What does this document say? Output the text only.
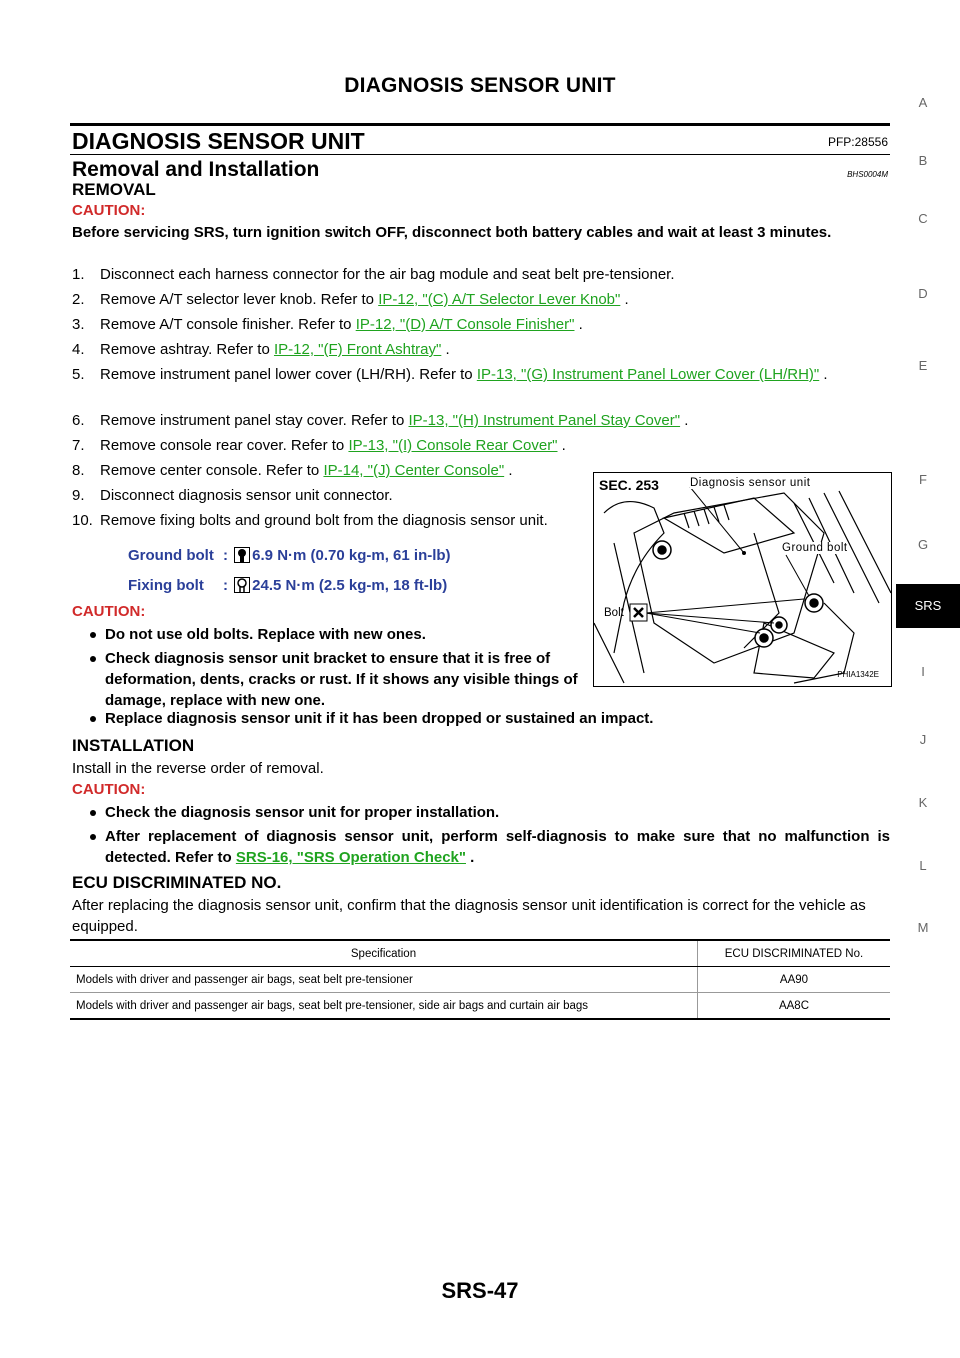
DIAGNOSIS SENSOR UNIT
DIAGNOSIS SENSOR UNIT	PFP:28556
Removal and Installation	BHS0004M
REMOVAL
CAUTION:
Before servicing SRS, turn ignition switch OFF, disconnect both battery cables and wait at least 3 minutes.
1. Disconnect each harness connector for the air bag module and seat belt pre-tensioner.
2. Remove A/T selector lever knob. Refer to IP-12, "(C) A/T Selector Lever Knob" .
3. Remove A/T console finisher. Refer to IP-12, "(D) A/T Console Finisher" .
4. Remove ashtray. Refer to IP-12, "(F) Front Ashtray" .
5. Remove instrument panel lower cover (LH/RH). Refer to IP-13, "(G) Instrument Panel Lower Cover (LH/RH)" .
6. Remove instrument panel stay cover. Refer to IP-13, "(H) Instrument Panel Stay Cover" .
7. Remove console rear cover. Refer to IP-13, "(I) Console Rear Cover" .
8. Remove center console. Refer to IP-14, "(J) Center Console" .
9. Disconnect diagnosis sensor unit connector.
10. Remove fixing bolts and ground bolt from the diagnosis sensor unit.
Ground bolt : 6.9 N·m (0.70 kg-m, 61 in-lb)
Fixing bolt : 24.5 N·m (2.5 kg-m, 18 ft-lb)
CAUTION:
Do not use old bolts. Replace with new ones.
Check diagnosis sensor unit bracket to ensure that it is free of deformation, dents, cracks or rust. If it shows any visible things of damage, replace with new one.
Replace diagnosis sensor unit if it has been dropped or sustained an impact.
SEC. 253	Diagnosis sensor unit
Ground bolt
Bolt
PHIA1342E
INSTALLATION
Install in the reverse order of removal.
CAUTION:
Check the diagnosis sensor unit for proper installation.
After replacement of diagnosis sensor unit, perform self-diagnosis to make sure that no malfunction is detected. Refer to SRS-16, "SRS Operation Check" .
ECU DISCRIMINATED NO.
After replacing the diagnosis sensor unit, confirm that the diagnosis sensor unit identification is correct for the vehicle as equipped.
Specification	ECU DISCRIMINATED No.
Models with driver and passenger air bags, seat belt pre-tensioner	AA90
Models with driver and passenger air bags, seat belt pre-tensioner, side air bags and curtain air bags	AA8C
A
B
C
D
E
F
G
SRS
I
J
K
L
M
SRS-47
